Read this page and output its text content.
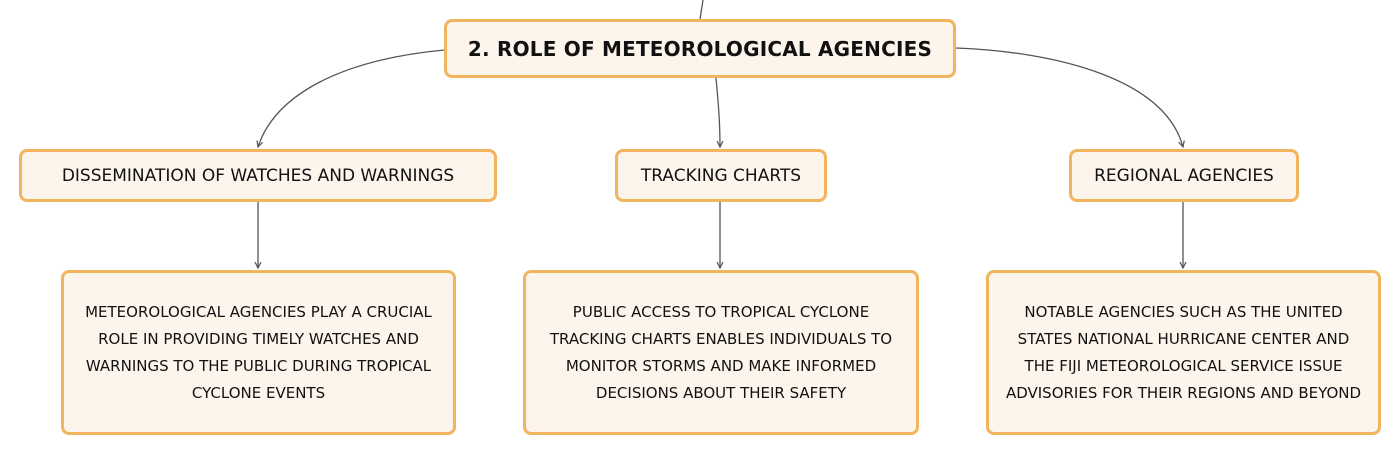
2. ROLE OF METEOROLOGICAL AGENCIES
DISSEMINATION OF WATCHES AND WARNINGS	TRACKING CHARTS	REGIONAL AGENCIES
METEOROLOGICAL AGENCIES PLAY A CRUCIAL ROLE IN PROVIDING TIMELY WATCHES AND WARNINGS TO THE PUBLIC DURING TROPICAL CYCLONE EVENTS
PUBLIC ACCESS TO TROPICAL CYCLONE TRACKING CHARTS ENABLES INDIVIDUALS TO MONITOR STORMS AND MAKE INFORMED DECISIONS ABOUT THEIR SAFETY
NOTABLE AGENCIES SUCH AS THE UNITED STATES NATIONAL HURRICANE CENTER AND THE FIJI METEOROLOGICAL SERVICE ISSUE ADVISORIES FOR THEIR REGIONS AND BEYOND
